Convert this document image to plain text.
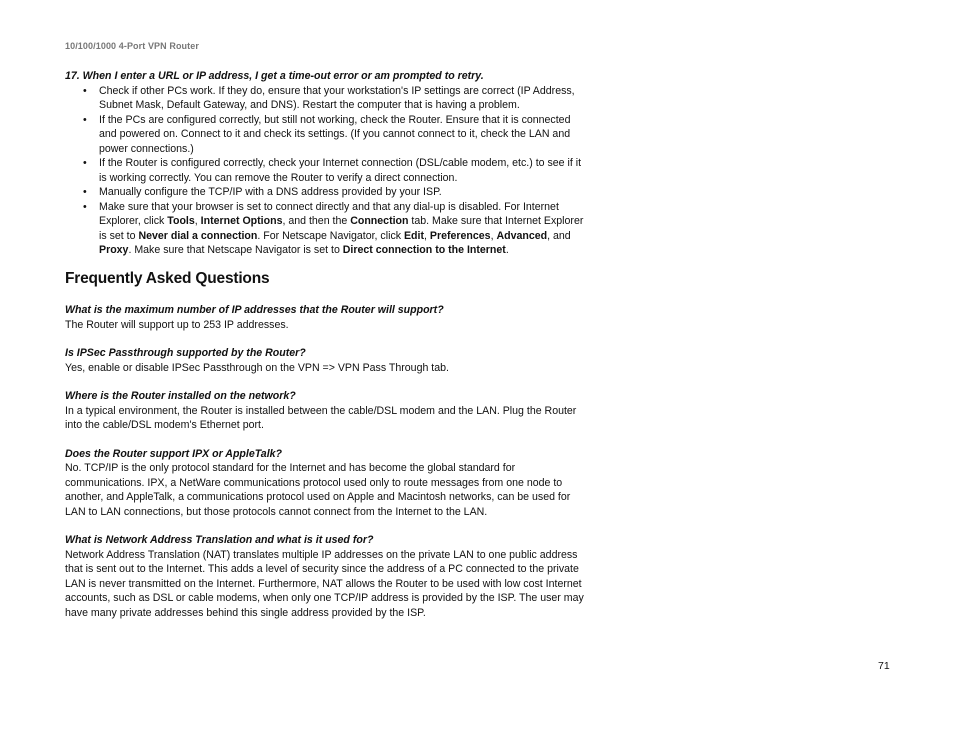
10/100/1000 4-Port VPN Router
17. When I enter a URL or IP address, I get a time-out error or am prompted to retry.
• Check if other PCs work. If they do, ensure that your workstation's IP settings are correct (IP Address, Subnet Mask, Default Gateway, and DNS). Restart the computer that is having a problem.
• If the PCs are configured correctly, but still not working, check the Router. Ensure that it is connected and powered on. Connect to it and check its settings. (If you cannot connect to it, check the LAN and power connections.)
• If the Router is configured correctly, check your Internet connection (DSL/cable modem, etc.) to see if it is working correctly. You can remove the Router to verify a direct connection.
• Manually configure the TCP/IP with a DNS address provided by your ISP.
• Make sure that your browser is set to connect directly and that any dial-up is disabled. For Internet Explorer, click Tools, Internet Options, and then the Connection tab. Make sure that Internet Explorer is set to Never dial a connection. For Netscape Navigator, click Edit, Preferences, Advanced, and Proxy. Make sure that Netscape Navigator is set to Direct connection to the Internet.
Frequently Asked Questions
What is the maximum number of IP addresses that the Router will support?
The Router will support up to 253 IP addresses.
Is IPSec Passthrough supported by the Router?
Yes, enable or disable IPSec Passthrough on the VPN => VPN Pass Through tab.
Where is the Router installed on the network?
In a typical environment, the Router is installed between the cable/DSL modem and the LAN. Plug the Router into the cable/DSL modem's Ethernet port.
Does the Router support IPX or AppleTalk?
No. TCP/IP is the only protocol standard for the Internet and has become the global standard for communications. IPX, a NetWare communications protocol used only to route messages from one node to another, and AppleTalk, a communications protocol used on Apple and Macintosh networks, can be used for LAN to LAN connections, but those protocols cannot connect from the Internet to the LAN.
What is Network Address Translation and what is it used for?
Network Address Translation (NAT) translates multiple IP addresses on the private LAN to one public address that is sent out to the Internet. This adds a level of security since the address of a PC connected to the private LAN is never transmitted on the Internet. Furthermore, NAT allows the Router to be used with low cost Internet accounts, such as DSL or cable modems, when only one TCP/IP address is provided by the ISP. The user may have many private addresses behind this single address provided by the ISP.
71
